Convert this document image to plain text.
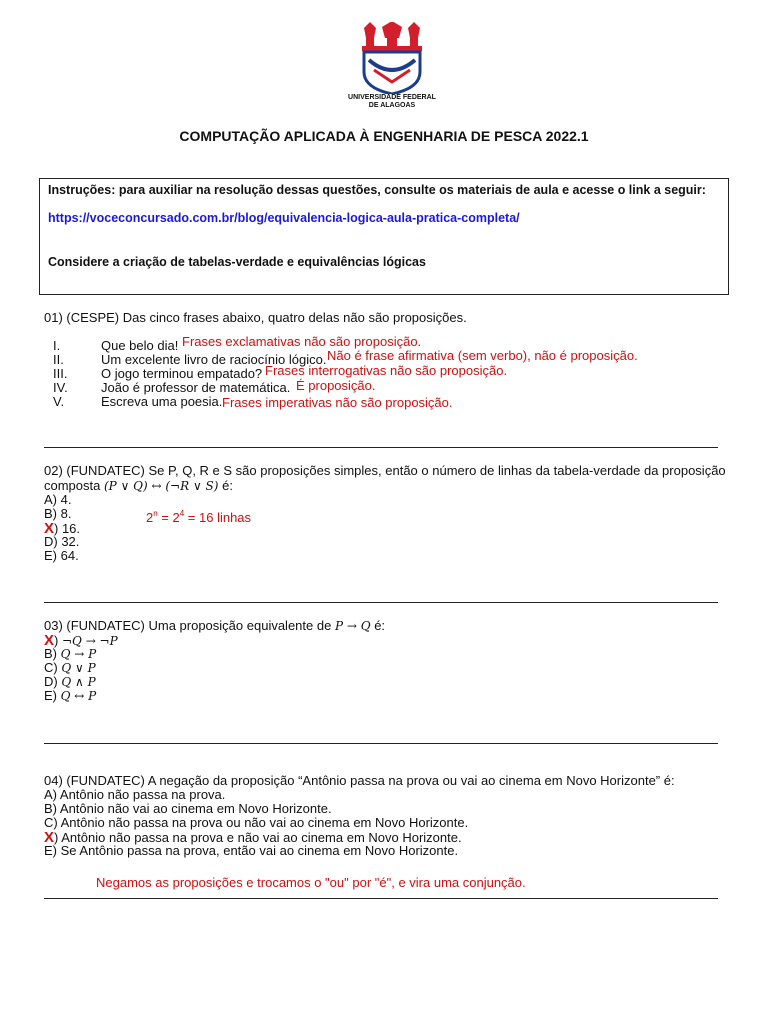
UNIVERSIDADE FEDERAL
DE ALAGOAS
COMPUTAÇÃO APLICADA À ENGENHARIA DE PESCA 2022.1
Instruções: para auxiliar na resolução dessas questões, consulte os materiais de aula e acesse o link a seguir:
https://voceconcursado.com.br/blog/equivalencia-logica-aula-pratica-completa/
Considere a criação de tabelas-verdade e equivalências lógicas
01) (CESPE) Das cinco frases abaixo, quatro delas não são proposições.
I.	Que belo dia! Frases exclamativas não são proposição.
II.	Um excelente livro de raciocínio lógico. Não é frase afirmativa (sem verbo), não é proposição.
III.	O jogo terminou empatado? Frases interrogativas não são proposição.
IV.	João é professor de matemática. É proposição.
V.	Escreva uma poesia. Frases imperativas não são proposição.
02) (FUNDATEC) Se P, Q, R e S são proposições simples, então o número de linhas da tabela-verdade da proposição
composta (P ∨ Q) ↔ (¬R ∨ S) é:
A) 4.
B) 8.
X) 16.
D) 32.
E) 64.
$2^n = 2^4 = 16$ linhas
03) (FUNDATEC) Uma proposição equivalente de P → Q é:
X) ¬Q → ¬P
B) Q → P
C) Q ∨ P
D) Q ∧ P
E) Q ↔ P
04) (FUNDATEC) A negação da proposição “Antônio passa na prova ou vai ao cinema em Novo Horizonte” é:
A) Antônio não passa na prova.
B) Antônio não vai ao cinema em Novo Horizonte.
C) Antônio não passa na prova ou não vai ao cinema em Novo Horizonte.
X) Antônio não passa na prova e não vai ao cinema em Novo Horizonte.
E) Se Antônio passa na prova, então vai ao cinema em Novo Horizonte.
Negamos as proposições e trocamos o "ou" por "é", e vira uma conjunção.
